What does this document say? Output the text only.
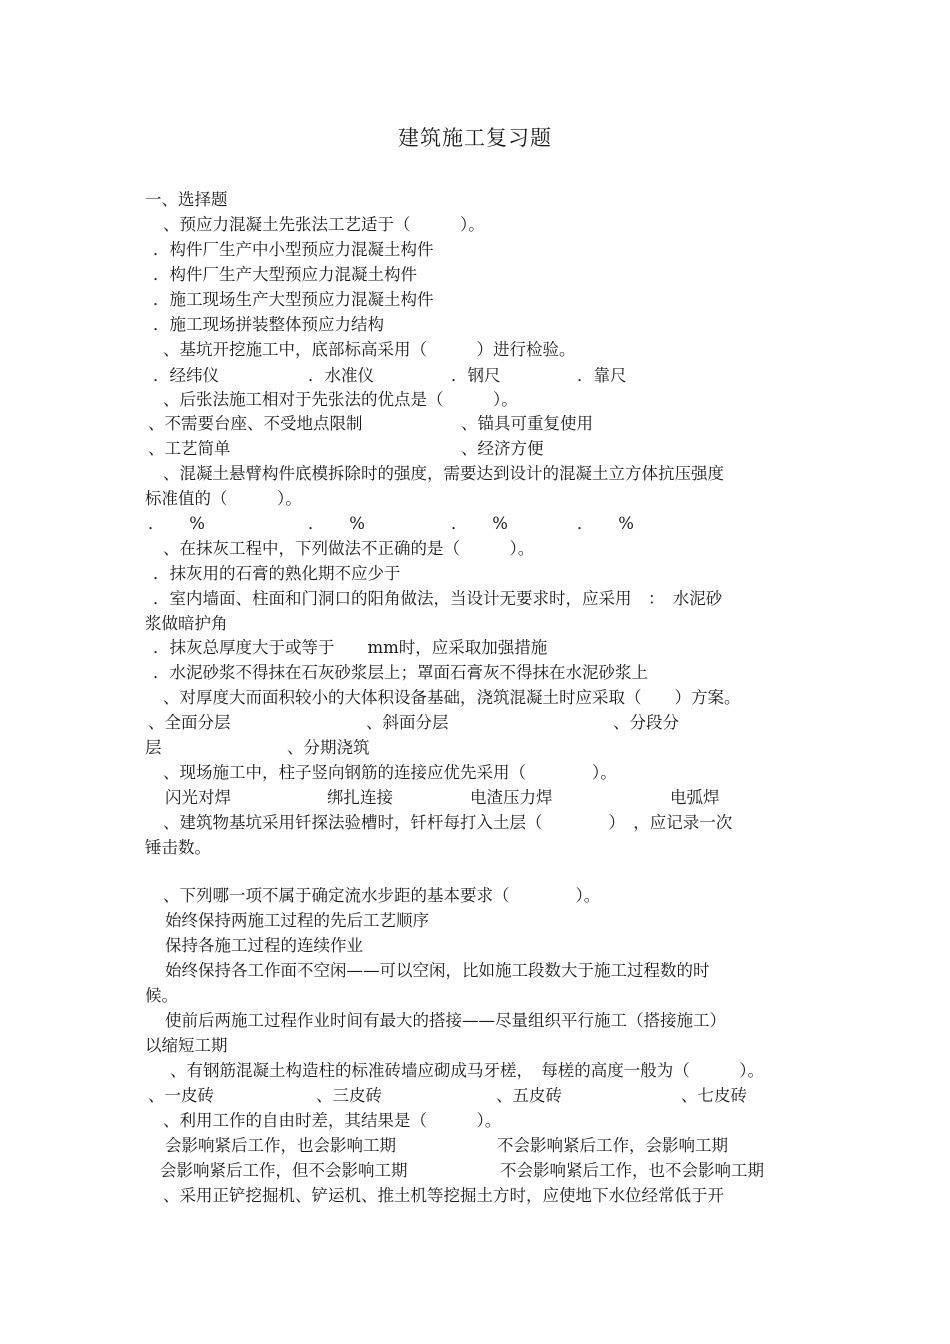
建筑施工复习题
一、选择题
、预应力混凝土先张法工艺适于（　　　）。
．构件厂生产中小型预应力混凝土构件
．构件厂生产大型预应力混凝土构件
．施工现场生产大型预应力混凝土构件
．施工现场拼装整体预应力结构
、基坑开挖施工中，底部标高采用（　　　）进行检验。
．经纬仪	．水准仪	．钢尺	．靠尺
、后张法施工相对于先张法的优点是（　　　）。
、不需要台座、不受地点限制	、锚具可重复使用
、工艺简单	、经济方便
、混凝土悬臂构件底模拆除时的强度，需要达到设计的混凝土立方体抗压强度
标准值的（　　　）。
．　　%	．　　%	．　　%	．　　%
、在抹灰工程中，下列做法不正确的是（　　　）。
．抹灰用的石膏的熟化期不应少于
．室内墙面、柱面和门洞口的阳角做法，当设计无要求时，应采用　：　水泥砂
浆做暗护角
．抹灰总厚度大于或等于　　mm时，应采取加强措施
．水泥砂浆不得抹在石灰砂浆层上；罩面石膏灰不得抹在水泥砂浆上
、对厚度大而面积较小的大体积设备基础，浇筑混凝土时应采取（　　）方案。
、全面分层	、斜面分层	、分段分
层	、分期浇筑
、现场施工中，柱子竖向钢筋的连接应优先采用（　　　　）。
闪光对焊	绑扎连接	电渣压力焊	电弧焊
、建筑物基坑采用钎探法验槽时，钎杆每打入土层（　　　　）　，应记录一次
锤击数。
、下列哪一项不属于确定流水步距的基本要求（　　　　）。
始终保持两施工过程的先后工艺顺序
保持各施工过程的连续作业
始终保持各工作面不空闲——可以空闲，比如施工段数大于施工过程数的时
候。
使前后两施工过程作业时间有最大的搭接——尽量组织平行施工（搭接施工）
以缩短工期
、有钢筋混凝土构造柱的标准砖墙应砌成马牙槎，　每槎的高度一般为（　　　）。
、一皮砖	、三皮砖	、五皮砖	、七皮砖
、利用工作的自由时差，其结果是（　　　）。
会影响紧后工作，也会影响工期	不会影响紧后工作，会影响工期
会影响紧后工作，但不会影响工期	不会影响紧后工作，也不会影响工期
、采用正铲挖掘机、铲运机、推土机等挖掘土方时，应使地下水位经常低于开
